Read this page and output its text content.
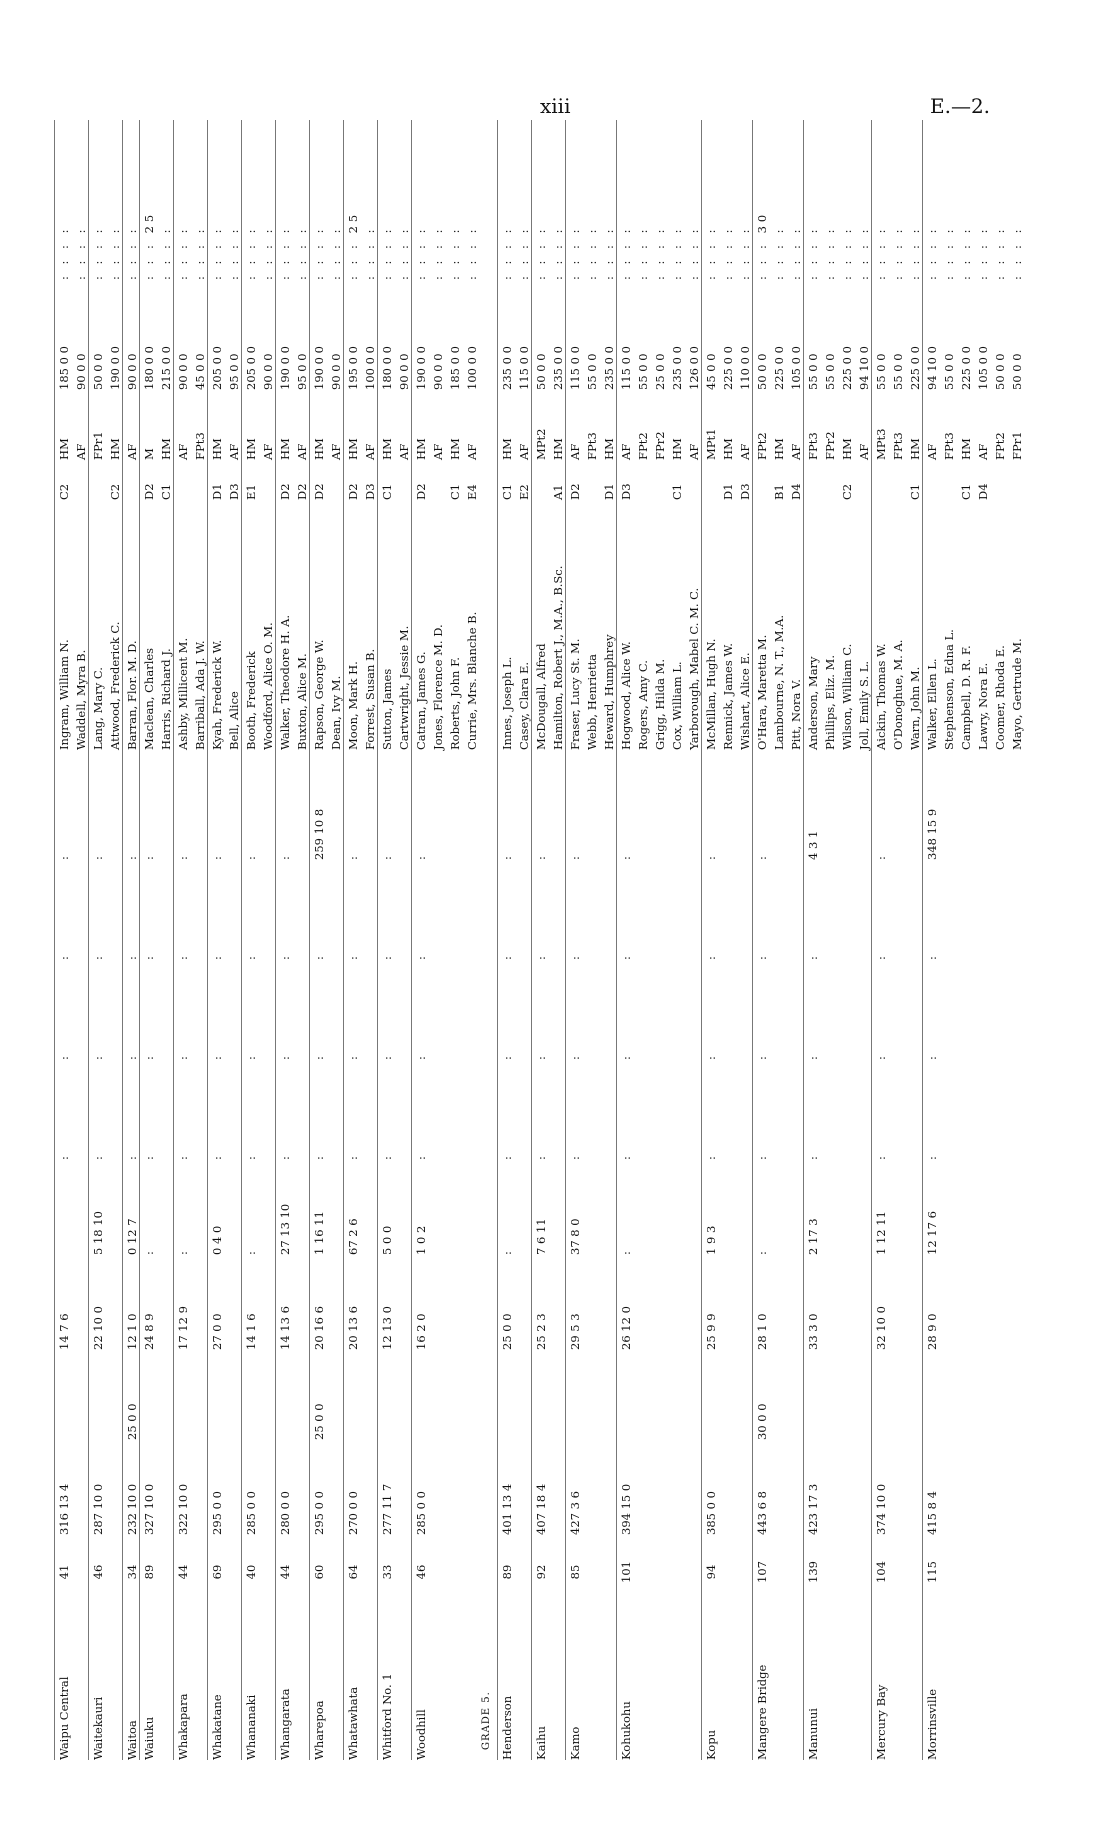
xiii	E.—2.
Waipu Central
41
316 13 4
14 7 6
:
:
:
:
Ingram, William N.
C2
HM
185 0 0
: : : :
Waddell, Myra B.
AF
90 0 0
: : : :
Waitekauri
46
287 10 0
22 10 0
5 18 10
:
:
:
:
Lang, Mary C.
FPr1
50 0 0
: : : :
Attwood, Frederick C.
C2
HM
190 0 0
: : : :
Waitoa
34
232 10 0
25 0 0
12 1 0
0 12 7
:
:
:
:
Barran, Flor. M. D.
AF
90 0 0
: : : :
Waiuku
89
327 10 0
24 8 9
:
:
:
:
:
Maclean, Charles
D2
M
180 0 0
: : : 25
Harris, Richard J.
C1
HM
215 0 0
: : : :
Whakapara
44
322 10 0
17 12 9
:
:
:
:
:
Ashby, Millicent M.
AF
90 0 0
: : : :
Barriball, Ada J. W.
FPt3
45 0 0
: : : :
Whakatane
69
295 0 0
27 0 0
0 4 0
:
:
:
:
Kyah, Frederick W.
D1
HM
205 0 0
: : : :
Bell, Alice
D3
AF
95 0 0
: : : :
Whananaki
40
285 0 0
14 1 6
:
:
:
:
:
Booth, Frederick
E1
HM
205 0 0
: : : :
Woodford, Alice O. M.
AF
90 0 0
: : : :
Whangarata
44
280 0 0
14 13 6
27 13 10
:
:
:
:
Walker, Theodore H. A.
D2
HM
190 0 0
: : : :
Buxton, Alice M.
D2
AF
95 0 0
: : : :
Wharepoa
60
295 0 0
25 0 0
20 16 6
1 16 11
:
:
:
259 10 8
Rapson, George W.
D2
HM
190 0 0
: : : :
Dean, Ivy M.
AF
90 0 0
: : : :
Whatawhata
64
270 0 0
20 13 6
67 2 6
:
:
:
:
Moon, Mark H.
D2
HM
195 0 0
: : : 25
Forrest, Susan B.
D3
AF
100 0 0
: : : :
Whitford No. 1
33
277 11 7
12 13 0
5 0 0
:
:
:
:
Sutton, James
C1
HM
180 0 0
: : : :
Cartwright, Jessie M.
AF
90 0 0
: : : :
Woodhill
46
285 0 0
16 2 0
1 0 2
:
:
:
:
Catran, James G.
D2
HM
190 0 0
: : : :
Jones, Florence M. D.
AF
90 0 0
: : : :
Roberts, John F.
C1
HM
185 0 0
: : : :
Currie, Mrs. Blanche B.
E4
AF
100 0 0
: : : :
GRADE 5. Henderson
89
401 13 4
25 0 0
:
:
:
:
:
Innes, Joseph L.
C1
HM
235 0 0
: : : :
Casey, Clara E.
E2
AF
115 0 0
: : : :
Kaihu
92
407 18 4
25 2 3
7 6 11
:
:
:
:
McDougall, Alfred
MPt2
50 0 0
: : : :
Hamilton, Robert J., M.A., B.Sc.
A1
HM
235 0 0
: : : :
Kamo
85
427 3 6
29 5 3
37 8 0
:
:
:
:
Fraser, Lucy St. M.
D2
AF
115 0 0
: : : :
Webb, Henrietta
FPt3
55 0 0
: : : :
Heward, Humphrey
D1
HM
235 0 0
: : : :
Kohukohu
101
394 15 0
26 12 0
:
:
:
:
:
Hogwood, Alice W.
D3
AF
115 0 0
: : : :
Rogers, Amy C.
FPt2
55 0 0
: : : :
Grigg, Hilda M.
FPr2
25 0 0
: : : :
Cox, William L.
C1
HM
235 0 0
: : : :
Yarborough, Mabel C. M. C.
AF
126 0 0
: : : :
Kopu
94
385 0 0
25 9 9
1 9 3
:
:
:
:
McMillan, Hugh N.
MPt1
45 0 0
: : : :
Rennick, James W.
D1
HM
225 0 0
: : : :
Wishart, Alice E.
D3
AF
110 0 0
: : : :
Mangere Bridge
107
443 6 8
30 0 0
28 1 0
:
:
:
:
:
O'Hara, Maretta M.
FPt2
50 0 0
: : : 30
Lambourne, N. T., M.A.
B1
HM
225 0 0
: : : :
Pitt, Nora V.
D4
AF
105 0 0
: : : :
Manunui
139
423 17 3
33 3 0
2 17 3
:
:
:
4 3 1
Anderson, Mary
FPt3
55 0 0
: : : :
Phillips, Eliz. M.
FPr2
55 0 0
: : : :
Wilson, William C.
C2
HM
225 0 0
: : : :
Joll, Emily S. L.
AF
94 10 0
: : : :
Mercury Bay
104
374 10 0
32 10 0
1 12 11
:
:
:
:
Aickin, Thomas W.
MPt3
55 0 0
: : : :
O'Donoghue, M. A.
FPt3
55 0 0
: : : :
Warn, John M.
C1
HM
225 0 0
: : : :
Morrinsville
115
415 8 4
28 9 0
12 17 6
:
:
:
348 15 9
Walker, Ellen L.
AF
94 10 0
: : : :
Stephenson, Edna L.
FPt3
55 0 0
: : : :
Campbell, D. R. F.
C1
HM
225 0 0
: : : :
Lawry, Nora E.
D4
AF
105 0 0
: : : :
Coomer, Rhoda E.
FPt2
50 0 0
: : : :
Mayo, Gertrude M.
FPr1
50 0 0
: : : :
